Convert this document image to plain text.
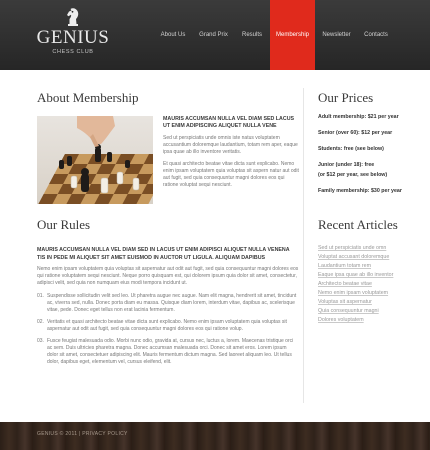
GENIUS
CHESS CLUB
About Us	Grand Prix	Results	Membership	Newsletter	Contacts
About Membership
MAURIS ACCUMSAN NULLA VEL DIAM SED LACUS UT ENIM ADIPISCING ALIQUET NULLA VENE
Sed ut perspiciatis unde omnis iste natus voluptatem accusantium doloremque laudantium, totam rem aper, eaque ipsa quae ab illo inventore veritatis.
Et quasi architecto beatae vitae dicta sunt explicabo. Nemo enim ipsam voluptatem quia voluptas sit aspern natur aut odit aut fugit, sed quia consequuntur magni dolores eos qui ratione voluptat sequi nesciunt.
Our Prices
Adult membership: $21 per year
Senior (over 60): $12 per year
Students: free (see below)
Junior (under 18): free
(or $12 per year, see below)
Family membership: $30 per year
Our Rules
MAURIS ACCUMSAN NULLA VEL DIAM SED IN LACUS UT ENIM ADIPISCI ALIQUET NULLA VENENA TIS IN PEDE MI ALIQUET SIT AMET EUISMOD IN AUCTOR UT LIGULA. ALIQUAM DAPIBUS
Nemo enim ipsam voluptatem quia voluptas sit aspernatur aut odit aut fugit, sed quia consequuntur magni dolores eos qui ratione voluptatem sequi nesciunt. Neque porro quisquam est, qui dolorem ipsum quia dolor sit amet, consectetur, adipisci velit, sed quia non numquam eius modi tempora incidunt ut.
01. Suspendisse sollicitudin velit sed leo. Ut pharetra augue nec augue. Nam elit magna, hendrerit sit amet, tincidunt ac, viverra sed, nulla. Donec porta diam eu massa. Quisque diam lorem, interdum vitae, dapibus ac, scelerisque vitae, pede. Donec eget tellus non erat lacinia fermentum.
02. Veritatis et quasi architecto beatae vitae dicta sunt explicabo. Nemo enim ipsam voluptatem quia voluptas sit aspernatur aut odit aut fugit, sed quia consequuntur magni dolores eos qui ratione volup.
03. Fusce feugiat malesuada odio. Morbi nunc odio, gravida at, cursus nec, luctus a, lorem. Maecenas tristique orci ac sem. Duis ultricies pharetra magna. Donec accumsan malesuada orci. Donec sit amet eros. Lorem ipsum dolor sit amet, consectetuer adipiscing elit. Mauris fermentum dictum magna. Sed laoreet aliquam leo. Ut tellus dolor, dapibus eget, elementum vel, cursus eleifend, elit.
Recent Articles
Sed ut perspiciatis unde omn
Voluptat accusant doloremque
Laudantium totam rem
Eaque ipsa quae ab illo inventor
Architecto beatae vitae
Nemo enim ipsam voluptatem
Voluptas sit aspernatur
Quia consequuntur magni
Dolores voluptatem
GENIUS © 2011 | PRIVACY POLICY
